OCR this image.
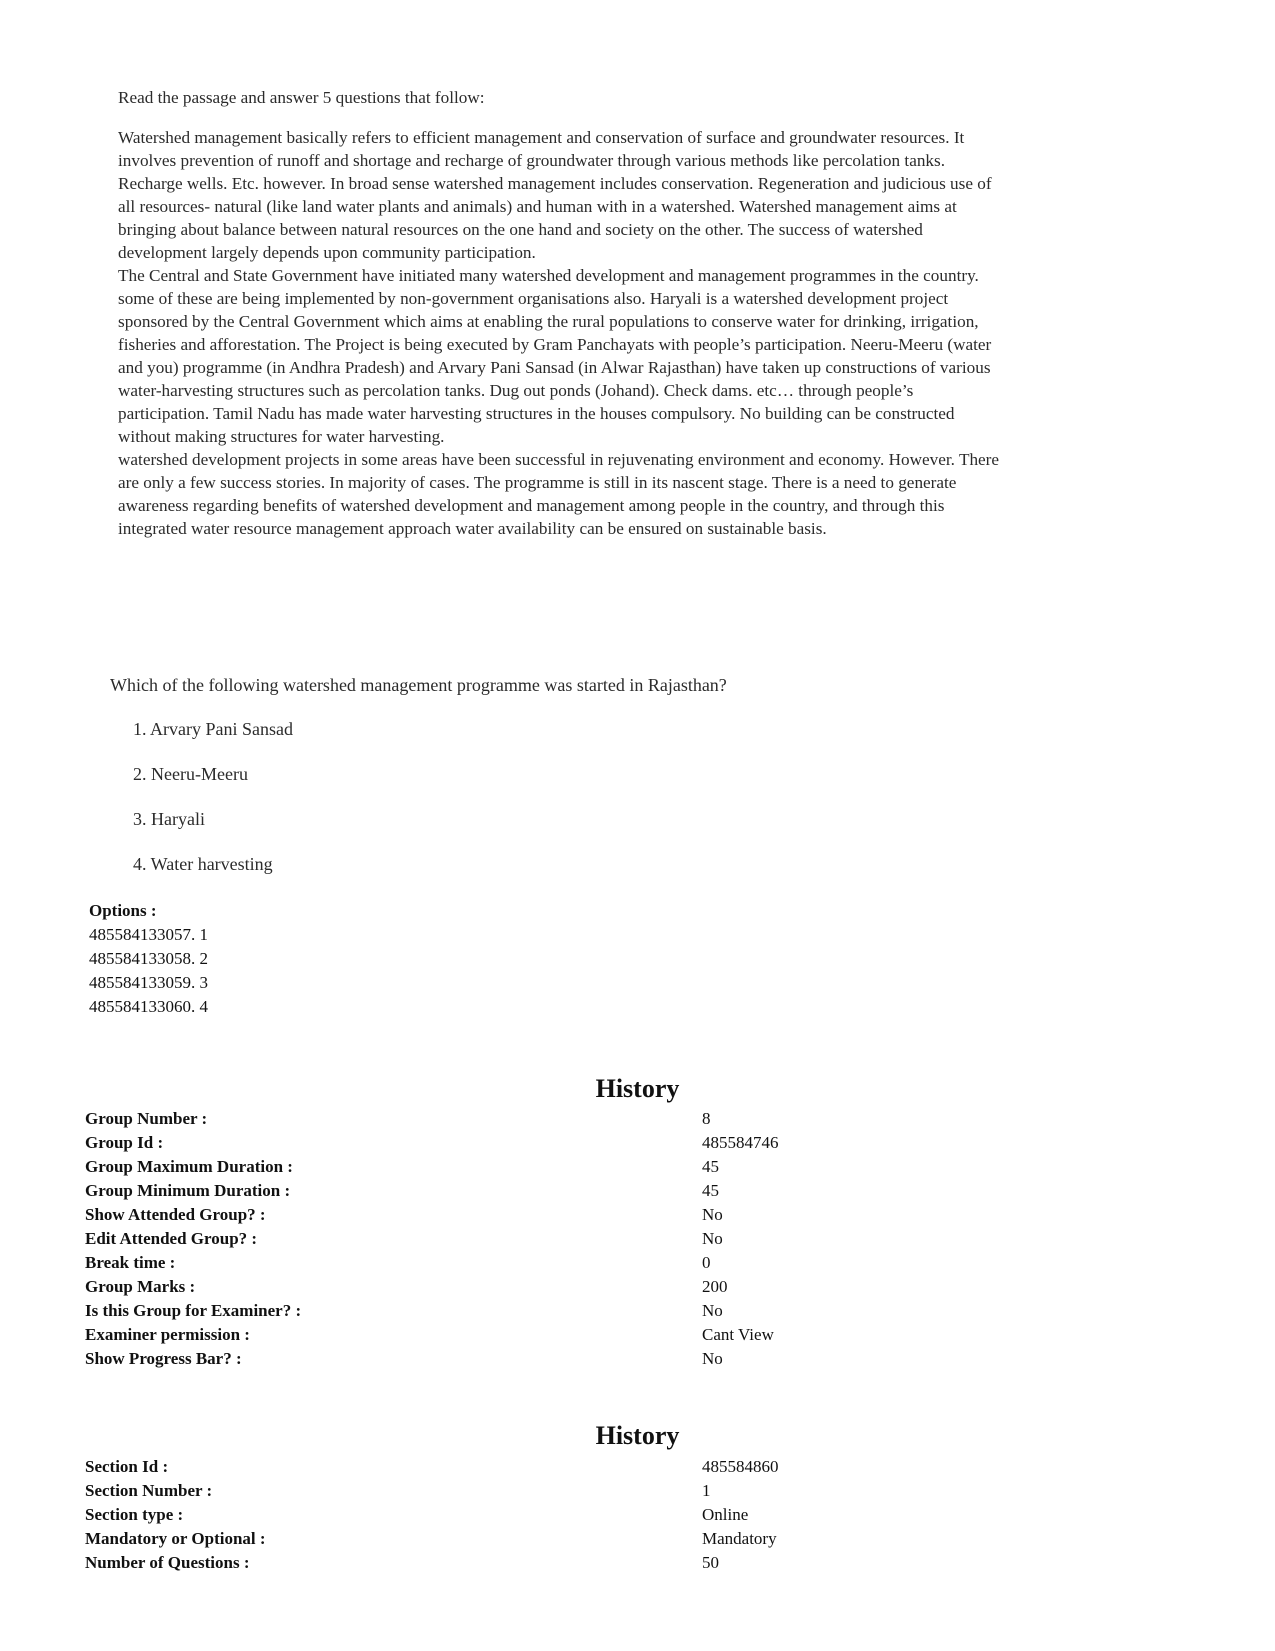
Read the passage and answer 5 questions that follow:

Watershed management basically refers to efficient management and conservation of surface and groundwater resources. It involves prevention of runoff and shortage and recharge of groundwater through various methods like percolation tanks. Recharge wells. Etc. however. In broad sense watershed management includes conservation. Regeneration and judicious use of all resources- natural (like land water plants and animals) and human with in a watershed. Watershed management aims at bringing about balance between natural resources on the one hand and society on the other. The success of watershed development largely depends upon community participation.

The Central and State Government have initiated many watershed development and management programmes in the country. some of these are being implemented by non-government organisations also. Haryali is a watershed development project sponsored by the Central Government which aims at enabling the rural populations to conserve water for drinking, irrigation, fisheries and afforestation. The Project is being executed by Gram Panchayats with people’s participation. Neeru-Meeru (water and you) programme (in Andhra Pradesh) and Arvary Pani Sansad (in Alwar Rajasthan) have taken up constructions of various water-harvesting structures such as percolation tanks. Dug out ponds (Johand). Check dams. etc… through people’s participation. Tamil Nadu has made water harvesting structures in the houses compulsory. No building can be constructed without making structures for water harvesting.

watershed development projects in some areas have been successful in rejuvenating environment and economy. However. There are only a few success stories. In majority of cases. The programme is still in its nascent stage. There is a need to generate awareness regarding benefits of watershed development and management among people in the country, and through this integrated water resource management approach water availability can be ensured on sustainable basis.

Which of the following watershed management programme was started in Rajasthan?
1. Arvary Pani Sansad
2. Neeru-Meeru
3. Haryali
4. Water harvesting
Options :
485584133057. 1
485584133058. 2
485584133059. 3
485584133060. 4
History
Group Number :	8
Group Id :	485584746
Group Maximum Duration :	45
Group Minimum Duration :	45
Show Attended Group? :	No
Edit Attended Group? :	No
Break time :	0
Group Marks :	200
Is this Group for Examiner? :	No
Examiner permission :	Cant View
Show Progress Bar? :	No
History
Section Id :	485584860
Section Number :	1
Section type :	Online
Mandatory or Optional :	Mandatory
Number of Questions :	50
